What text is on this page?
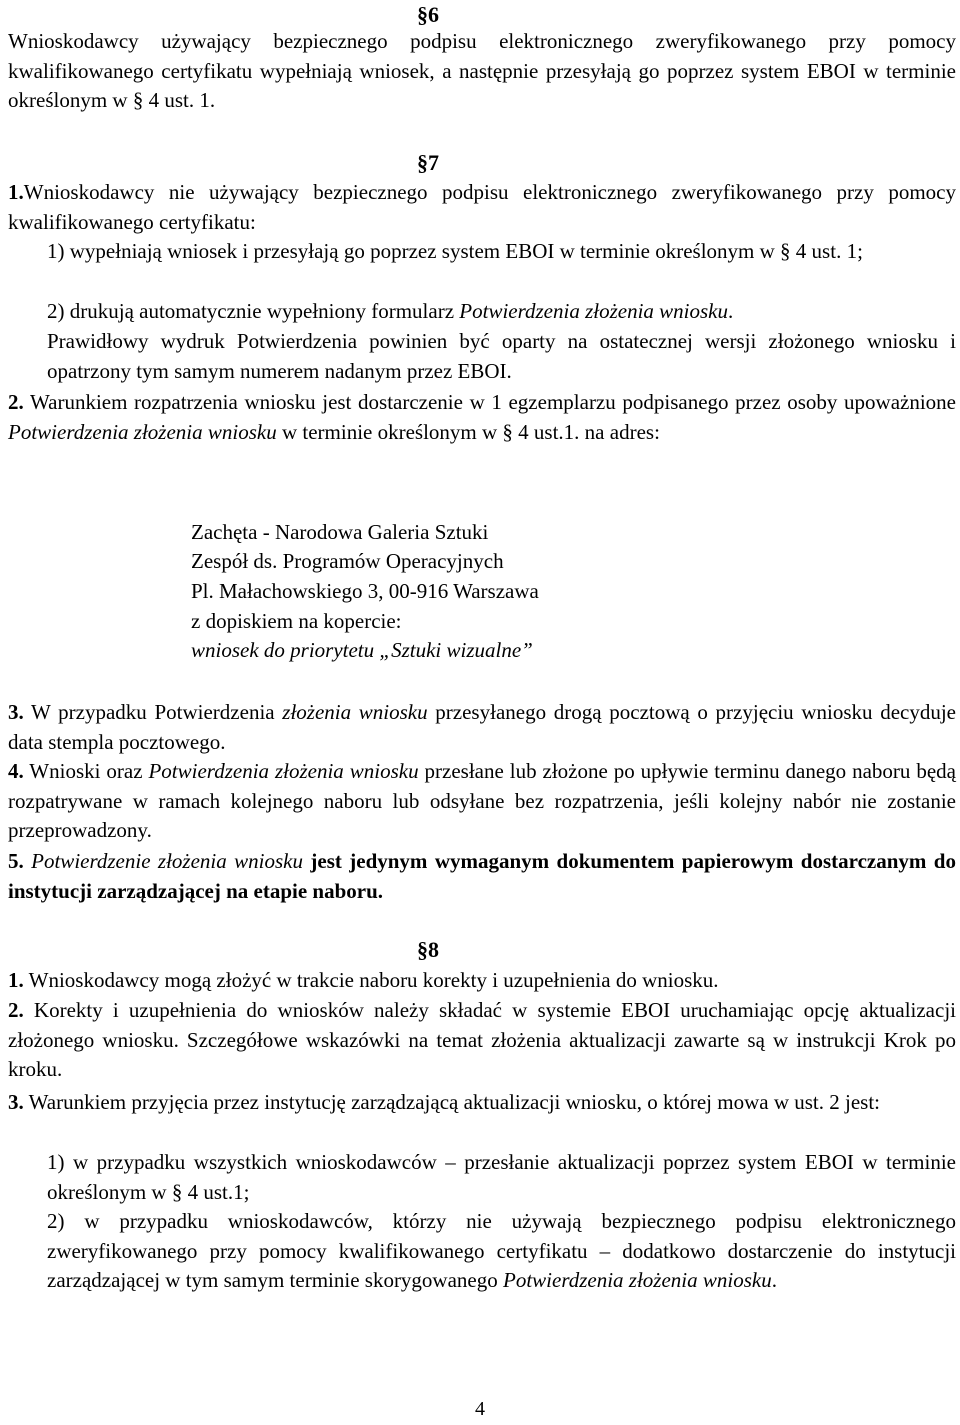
§6

Wnioskodawcy używający bezpiecznego podpisu elektronicznego zweryfikowanego przy pomocy kwalifikowanego certyfikatu wypełniają wniosek, a następnie przesyłają go poprzez system EBOI w terminie określonym w § 4 ust. 1.

§7

1.Wnioskodawcy nie używający bezpiecznego podpisu elektronicznego zweryfikowanego przy pomocy kwalifikowanego certyfikatu:

1) wypełniają wniosek i przesyłają go poprzez system EBOI w terminie określonym w § 4 ust. 1;

2) drukują automatycznie wypełniony formularz Potwierdzenia złożenia wniosku.

Prawidłowy wydruk Potwierdzenia powinien być oparty na ostatecznej wersji złożonego wniosku i opatrzony tym samym numerem nadanym przez EBOI.

2. Warunkiem rozpatrzenia wniosku jest dostarczenie w 1 egzemplarzu podpisanego przez osoby upoważnione Potwierdzenia złożenia wniosku w terminie określonym w § 4 ust.1. na adres:

Zachęta - Narodowa Galeria Sztuki
Zespół ds. Programów Operacyjnych
Pl. Małachowskiego 3, 00-916 Warszawa
z dopiskiem na kopercie:
wniosek do priorytetu „Sztuki wizualne”

3. W przypadku Potwierdzenia złożenia wniosku przesyłanego drogą pocztową o przyjęciu wniosku decyduje data stempla pocztowego.

4. Wnioski oraz Potwierdzenia złożenia wniosku przesłane lub złożone po upływie terminu danego naboru będą rozpatrywane w ramach kolejnego naboru lub odsyłane bez rozpatrzenia, jeśli kolejny nabór nie zostanie przeprowadzony.

5. Potwierdzenie złożenia wniosku jest jedynym wymaganym dokumentem papierowym dostarczanym do instytucji zarządzającej na etapie naboru.

§8

1. Wnioskodawcy mogą złożyć w trakcie naboru korekty i uzupełnienia do wniosku.

2. Korekty i uzupełnienia do wniosków należy składać w systemie EBOI uruchamiając opcję aktualizacji złożonego wniosku. Szczegółowe wskazówki na temat złożenia aktualizacji zawarte są w instrukcji Krok po kroku.

3. Warunkiem przyjęcia przez instytucję zarządzającą aktualizacji wniosku, o której mowa w ust. 2 jest:

1) w przypadku wszystkich wnioskodawców – przesłanie aktualizacji poprzez system EBOI w terminie określonym w § 4 ust.1;

2) w przypadku wnioskodawców, którzy nie używają bezpiecznego podpisu elektronicznego zweryfikowanego przy pomocy kwalifikowanego certyfikatu – dodatkowo dostarczenie do instytucji zarządzającej w tym samym terminie skorygowanego Potwierdzenia złożenia wniosku.

4
